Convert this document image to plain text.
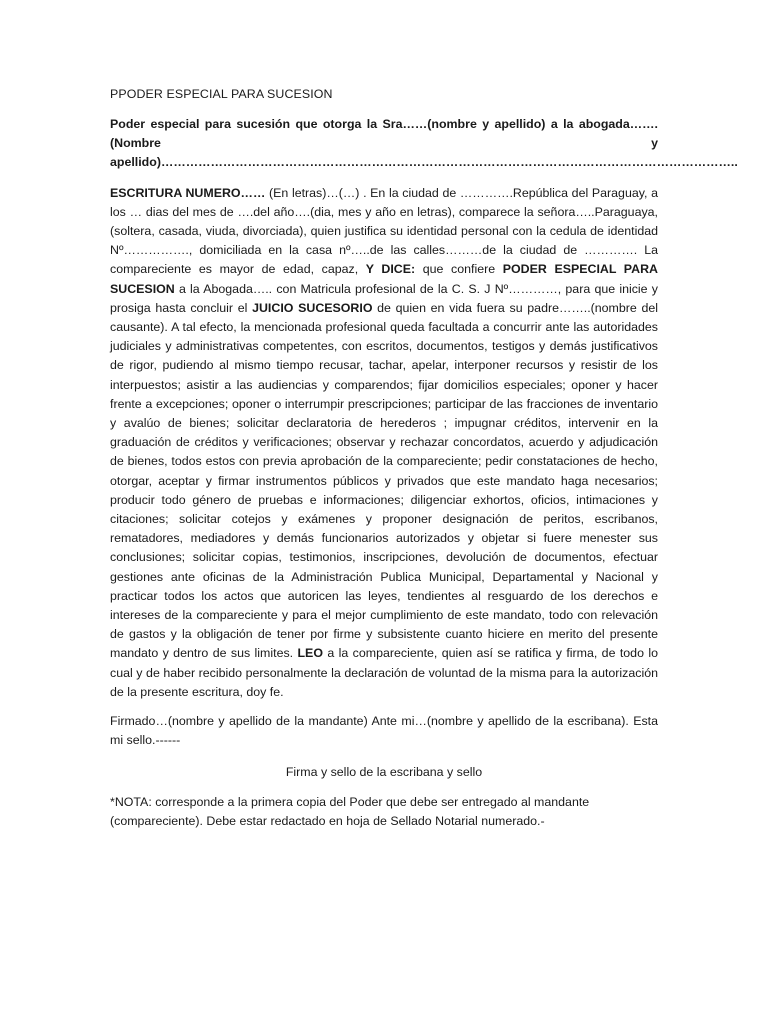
PPODER ESPECIAL PARA SUCESION

Poder especial para sucesión que otorga la Sra……(nombre y apellido) a la abogada……. (Nombre y apellido)…………………………………………………………………………………………………………………………..

ESCRITURA NUMERO…… (En letras)…(…) . En la ciudad de ………….República del Paraguay, a los … dias del mes de ….del año….(dia, mes y año en letras), comparece la señora…..Paraguaya, (soltera, casada, viuda, divorciada), quien justifica su identidad personal con la cedula de identidad Nº……………., domiciliada en la casa nº…..de las calles………de la ciudad de …………. La compareciente es mayor de edad, capaz, Y DICE: que confiere PODER ESPECIAL PARA SUCESION a la Abogada….. con Matricula profesional de la C. S. J Nº…………, para que inicie y prosiga hasta concluir el JUICIO SUCESORIO de quien en vida fuera su padre……..(nombre del causante). A tal efecto, la mencionada profesional queda facultada a concurrir ante las autoridades judiciales y administrativas competentes, con escritos, documentos, testigos y demás justificativos de rigor, pudiendo al mismo tiempo recusar, tachar, apelar, interponer recursos y resistir de los interpuestos; asistir a las audiencias y comparendos; fijar domicilios especiales; oponer y hacer frente a excepciones; oponer o interrumpir prescripciones; participar de las fracciones de inventario y avalúo de bienes; solicitar declaratoria de herederos ; impugnar créditos, intervenir en la graduación de créditos y verificaciones; observar y rechazar concordatos, acuerdo y adjudicación de bienes, todos estos con previa aprobación de la compareciente; pedir constataciones de hecho, otorgar, aceptar y firmar instrumentos públicos y privados que este mandato haga necesarios; producir todo género de pruebas e informaciones; diligenciar exhortos, oficios, intimaciones y citaciones; solicitar cotejos y exámenes y proponer designación de peritos, escribanos, rematadores, mediadores y demás funcionarios autorizados y objetar si fuere menester sus conclusiones; solicitar copias, testimonios, inscripciones, devolución de documentos, efectuar gestiones ante oficinas de la Administración Publica Municipal, Departamental y Nacional y practicar todos los actos que autoricen las leyes, tendientes al resguardo de los derechos e intereses de la compareciente y para el mejor cumplimiento de este mandato, todo con relevación de gastos y la obligación de tener por firme y subsistente cuanto hiciere en merito del presente mandato y dentro de sus limites. LEO a la compareciente, quien así se ratifica y firma, de todo lo cual y de haber recibido personalmente la declaración de voluntad de la misma para la autorización de la presente escritura, doy fe.

Firmado…(nombre y apellido de la mandante) Ante mi…(nombre y apellido de la escribana). Esta mi sello.------

Firma y sello de la escribana y sello

*NOTA: corresponde a la primera copia del Poder que debe ser entregado al mandante (compareciente). Debe estar redactado en hoja de Sellado Notarial numerado.-
